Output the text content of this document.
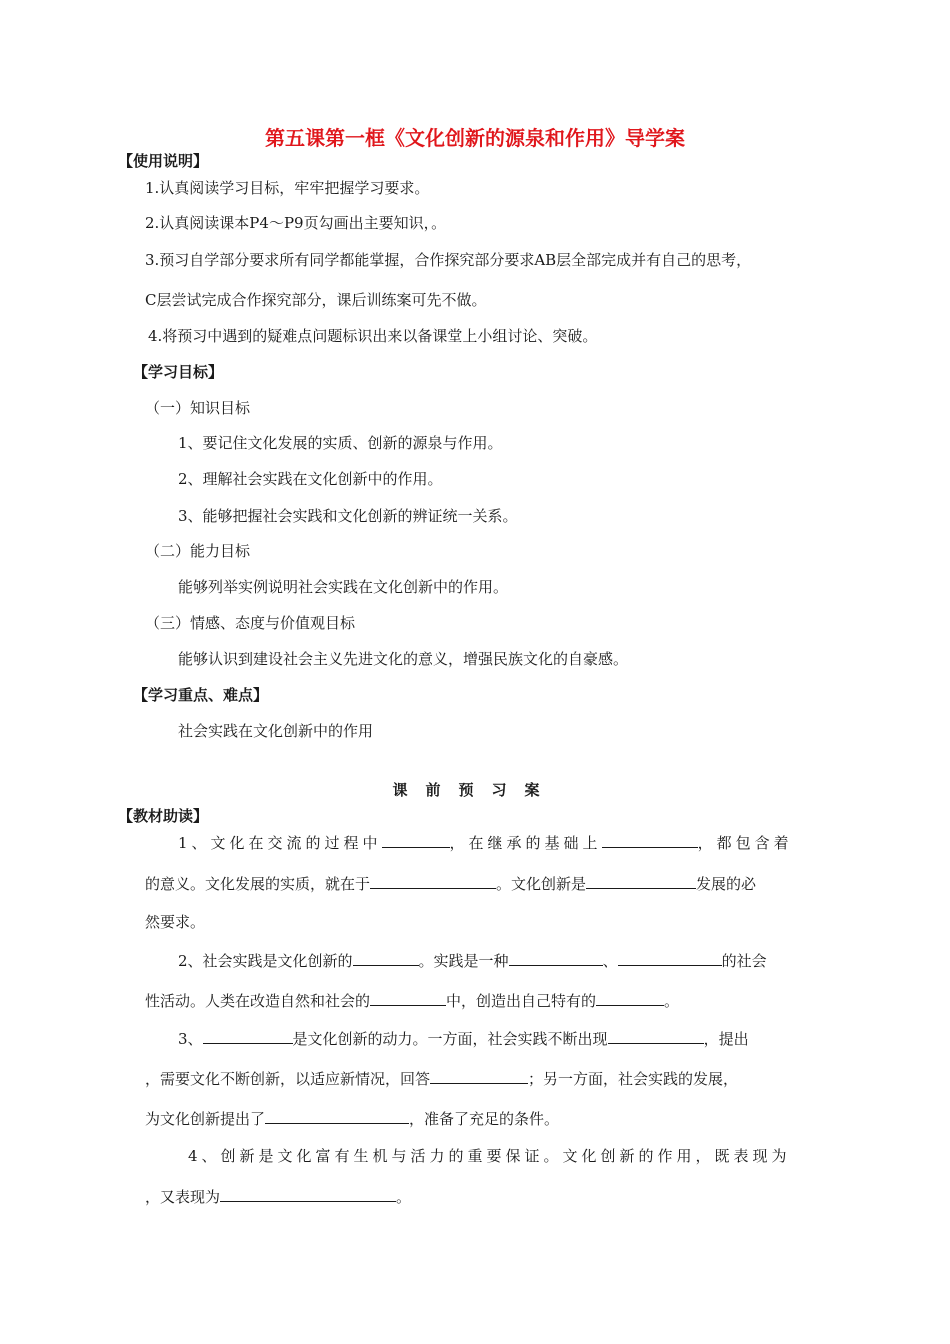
第五课第一框《文化创新的源泉和作用》导学案
【使用说明】
1.认真阅读学习目标，牢牢把握学习要求。
2.认真阅读课本P4～P9页勾画出主要知识，。
3.预习自学部分要求所有同学都能掌握，合作探究部分要求AB层全部完成并有自己的思考，
C层尝试完成合作探究部分，课后训练案可先不做。
4.将预习中遇到的疑难点问题标识出来以备课堂上小组讨论、突破。
【学习目标】
（一）知识目标
1、要记住文化发展的实质、创新的源泉与作用。
2、理解社会实践在文化创新中的作用。
3、能够把握社会实践和文化创新的辨证统一关系。
（二）能力目标
能够列举实例说明社会实践在文化创新中的作用。
（三）情感、态度与价值观目标
能够认识到建设社会主义先进文化的意义，增强民族文化的自豪感。
【学习重点、难点】
社会实践在文化创新中的作用
课前预习案
【教材助读】
1、文化在交流的过程中	，在继承的基础上	，都包含着
的意义。文化发展的实质，就在于	。文化创新是	发展的必
然要求。
2、社会实践是文化创新的	。实践是一种	、	的社会
性活动。人类在改造自然和社会的	中，创造出自己特有的	。
3、	是文化创新的动力。一方面，社会实践不断出现	，提出
，需要文化不断创新，以适应新情况，回答	；另一方面，社会实践的发展，
为文化创新提出了	，准备了充足的条件。
4、创新是文化富有生机与活力的重要保证。文化创新的作用，既表现为
，又表现为	。
